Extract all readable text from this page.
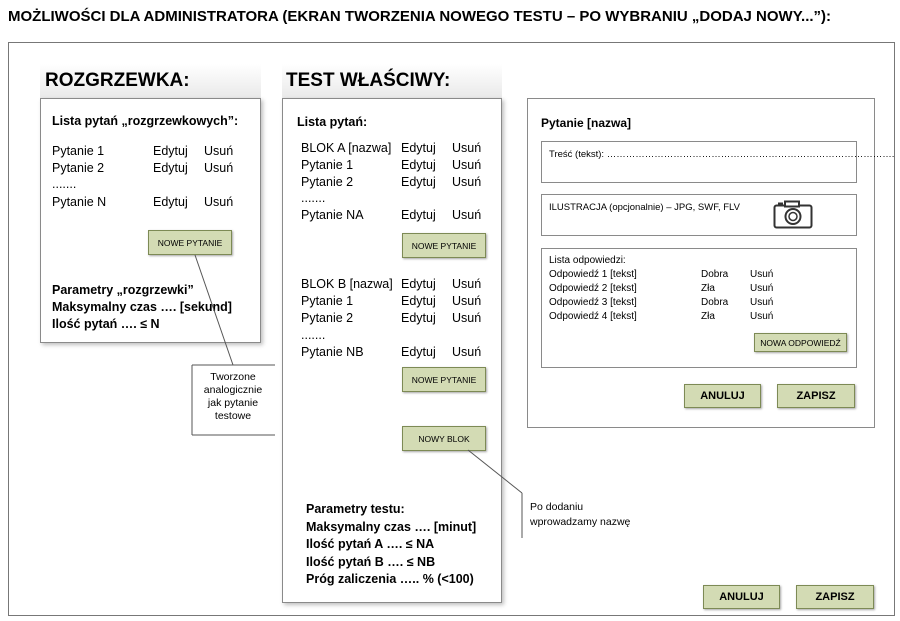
MOŻLIWOŚCI DLA ADMINISTRATORA (EKRAN TWORZENIA NOWEGO TESTU – PO WYBRANIU „DODAJ NOWY...”):
ROZGRZEWKA:
Lista pytań „rozgrzewkowych”:
Pytanie 1	Edytuj Usuń
Pytanie 2	Edytuj Usuń
.......
Pytanie N	Edytuj Usuń
NOWE PYTANIE
Parametry „rozgrzewki”
Maksymalny czas …. [sekund]
Ilość pytań …. ≤ N
TEST WŁAŚCIWY:
Lista pytań:
BLOK A [nazwa] Edytuj Usuń
Pytanie 1	Edytuj Usuń
Pytanie 2	Edytuj Usuń
.......
Pytanie NA	Edytuj Usuń
NOWE PYTANIE
BLOK B [nazwa] Edytuj Usuń
Pytanie 1	Edytuj Usuń
Pytanie 2	Edytuj Usuń
.......
Pytanie NB	Edytuj Usuń
NOWE PYTANIE
NOWY BLOK
Parametry testu:
Maksymalny czas …. [minut]
Ilość pytań A …. ≤ NA
Ilość pytań B …. ≤ NB
Próg zaliczenia ….. % (<100)
Pytanie [nazwa]
Treść (tekst): ……………………………………………………………………………….
ILUSTRACJA (opcjonalnie) – JPG, SWF, FLV
Lista odpowiedzi:
Odpowiedź 1 [tekst]	Dobra Usuń
Odpowiedź 2 [tekst]	Zła	Usuń
Odpowiedź 3 [tekst]	Dobra Usuń
Odpowiedź 4 [tekst]	Zła	Usuń
NOWA ODPOWIEDŹ
ANULUJ	ZAPISZ
ANULUJ	ZAPISZ
Tworzone
analogicznie
jak pytanie
testowe
Po dodaniu
wprowadzamy nazwę
